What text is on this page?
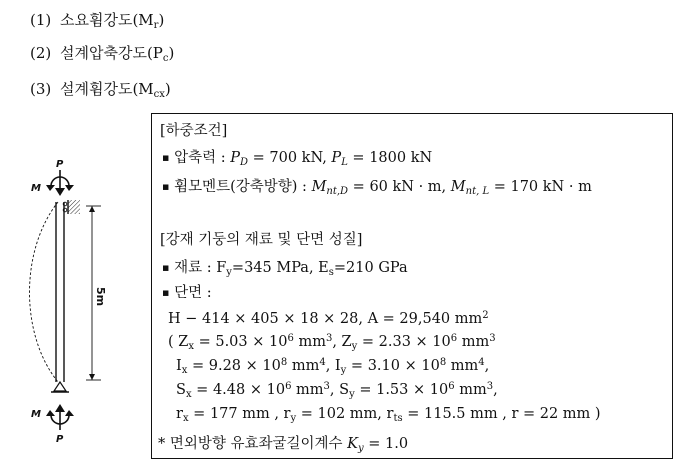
(1) 소요휨강도$(M_r)$
(2) 설계압축강도$(P_c)$
(3) 설계휨강도$(M_{cx})$
P
M
5m
M
P
[하중조건]
▪ 압축력 : $P_D = 700$ kN, $P_L = 1800$ kN
▪ 휨모멘트(강축방향) : $M_{nt,D} = 60$ kN · m, $M_{nt, L} = 170$ kN · m
[강재 기둥의 재료 및 단면 성질]
▪ 재료 : $F_y=345$ MPa, $E_s=210$ GPa
▪ 단면 :
H − 414 × 405 × 18 × 28, A = 29,540 $mm^2$
( $Z_x = 5.03 \times 10^6$ $mm^3$, $Z_y = 2.33 \times 10^6$ $mm^3$
$I_x = 9.28 \times 10^8$ $mm^4$, $I_y = 3.10 \times 10^8$ $mm^4$,
$S_x = 4.48 \times 10^6$ $mm^3$, $S_y = 1.53 \times 10^6$ $mm^3$,
$r_x = 177$ mm , $r_y = 102$ mm, $r_{ts} = 115.5$ mm , r = 22 mm )
* 면외방향 유효좌굴길이계수 $K_y = 1.0$
